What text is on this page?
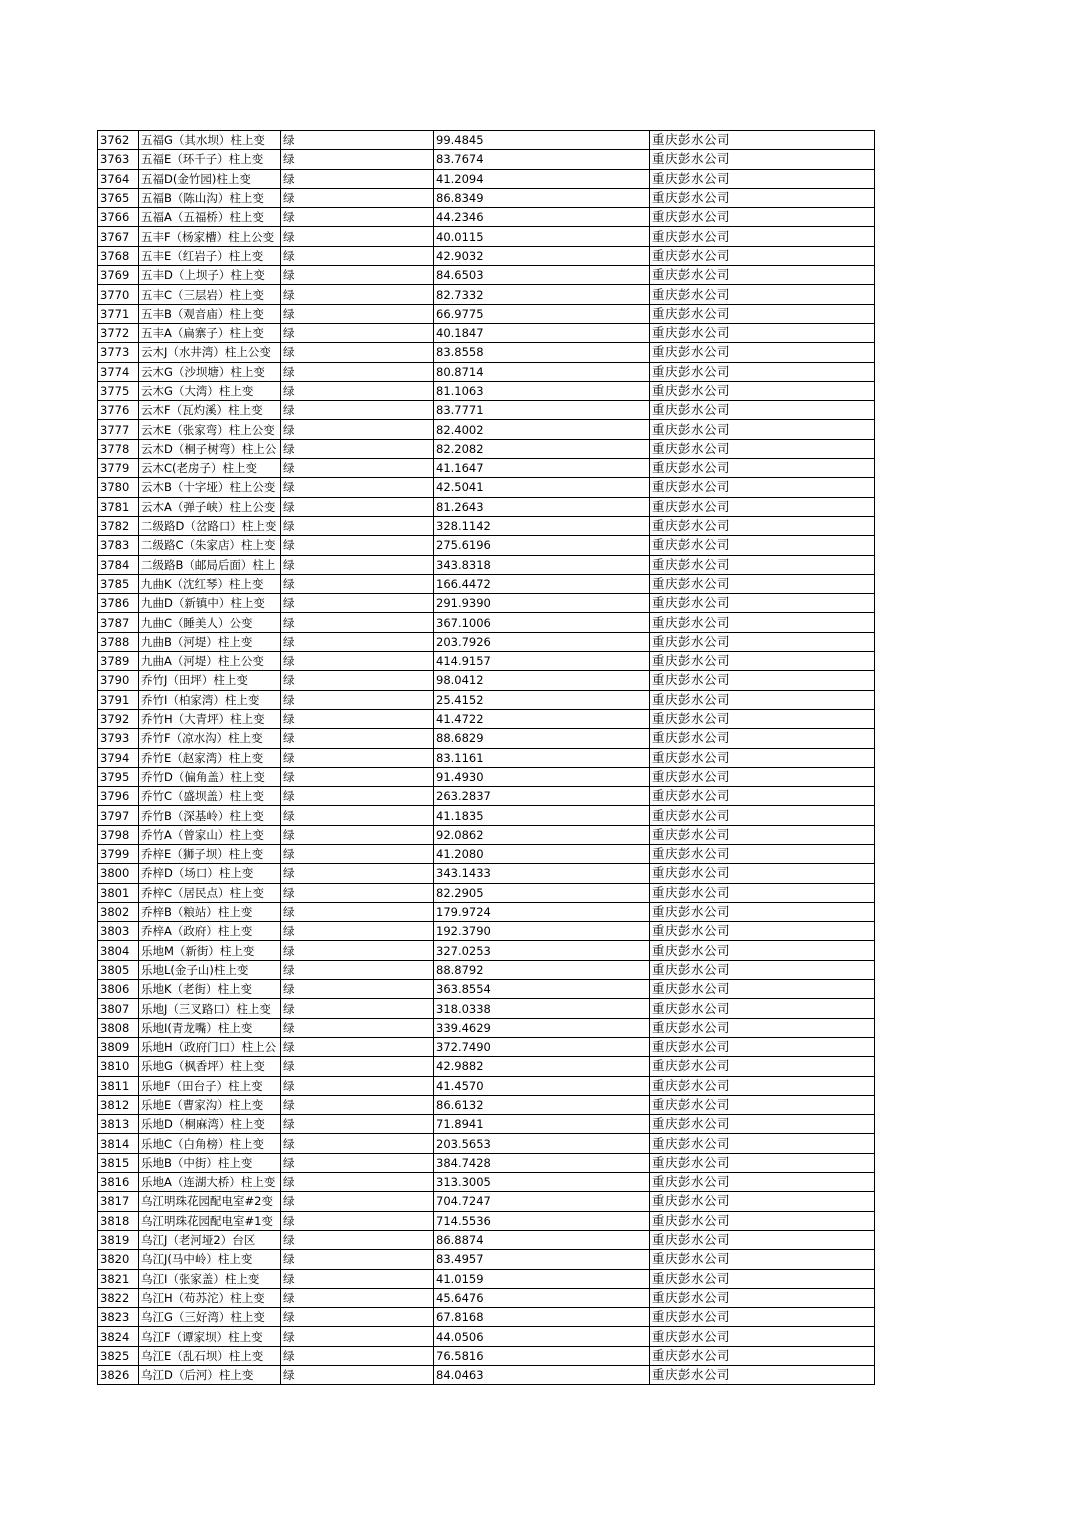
3762	五福G（其水坝）柱上变	绿	99.4845	重庆彭水公司
3763	五福E（环千子）柱上变	绿	83.7674	重庆彭水公司
3764	五福D(金竹园)柱上变	绿	41.2094	重庆彭水公司
3765	五福B（陈山沟）柱上变	绿	86.8349	重庆彭水公司
3766	五福A（五福桥）柱上变	绿	44.2346	重庆彭水公司
3767	五丰F（杨家槽）柱上公变	绿	40.0115	重庆彭水公司
3768	五丰E（红岩子）柱上变	绿	42.9032	重庆彭水公司
3769	五丰D（上坝子）柱上变	绿	84.6503	重庆彭水公司
3770	五丰C（三层岩）柱上变	绿	82.7332	重庆彭水公司
3771	五丰B（观音庙）柱上变	绿	66.9775	重庆彭水公司
3772	五丰A（扁寨子）柱上变	绿	40.1847	重庆彭水公司
3773	云木J（水井湾）柱上公变	绿	83.8558	重庆彭水公司
3774	云木G（沙坝塘）柱上变	绿	80.8714	重庆彭水公司
3775	云木G（大湾）柱上变	绿	81.1063	重庆彭水公司
3776	云木F（瓦灼溪）柱上变	绿	83.7771	重庆彭水公司
3777	云木E（张家弯）柱上公变	绿	82.4002	重庆彭水公司
3778	云木D（桐子树弯）柱上公	绿	82.2082	重庆彭水公司
3779	云木C(老房子）柱上变	绿	41.1647	重庆彭水公司
3780	云木B（十字垭）柱上公变	绿	42.5041	重庆彭水公司
3781	云木A（弹子峡）柱上公变	绿	81.2643	重庆彭水公司
3782	二级路D（岔路口）柱上变	绿	328.1142	重庆彭水公司
3783	二级路C（朱家店）柱上变	绿	275.6196	重庆彭水公司
3784	二级路B（邮局后面）柱上	绿	343.8318	重庆彭水公司
3785	九曲K（沈红琴）柱上变	绿	166.4472	重庆彭水公司
3786	九曲D（新镇中）柱上变	绿	291.9390	重庆彭水公司
3787	九曲C（睡美人）公变	绿	367.1006	重庆彭水公司
3788	九曲B（河堤）柱上变	绿	203.7926	重庆彭水公司
3789	九曲A（河堤）柱上公变	绿	414.9157	重庆彭水公司
3790	乔竹J（田坪）柱上变	绿	98.0412	重庆彭水公司
3791	乔竹I（柏家湾）柱上变	绿	25.4152	重庆彭水公司
3792	乔竹H（大青坪）柱上变	绿	41.4722	重庆彭水公司
3793	乔竹F（凉水沟）柱上变	绿	88.6829	重庆彭水公司
3794	乔竹E（赵家湾）柱上变	绿	83.1161	重庆彭水公司
3795	乔竹D（偏角盖）柱上变	绿	91.4930	重庆彭水公司
3796	乔竹C（盛坝盖）柱上变	绿	263.2837	重庆彭水公司
3797	乔竹B（深基岭）柱上变	绿	41.1835	重庆彭水公司
3798	乔竹A（曾家山）柱上变	绿	92.0862	重庆彭水公司
3799	乔梓E（狮子坝）柱上变	绿	41.2080	重庆彭水公司
3800	乔梓D（场口）柱上变	绿	343.1433	重庆彭水公司
3801	乔梓C（居民点）柱上变	绿	82.2905	重庆彭水公司
3802	乔梓B（粮站）柱上变	绿	179.9724	重庆彭水公司
3803	乔梓A（政府）柱上变	绿	192.3790	重庆彭水公司
3804	乐地M（新街）柱上变	绿	327.0253	重庆彭水公司
3805	乐地L(金子山)柱上变	绿	88.8792	重庆彭水公司
3806	乐地K（老街）柱上变	绿	363.8554	重庆彭水公司
3807	乐地J（三叉路口）柱上变	绿	318.0338	重庆彭水公司
3808	乐地I(青龙嘴）柱上变	绿	339.4629	重庆彭水公司
3809	乐地H（政府门口）柱上公	绿	372.7490	重庆彭水公司
3810	乐地G（枫香坪）柱上变	绿	42.9882	重庆彭水公司
3811	乐地F（田台子）柱上变	绿	41.4570	重庆彭水公司
3812	乐地E（曹家沟）柱上变	绿	86.6132	重庆彭水公司
3813	乐地D（桐麻湾）柱上变	绿	71.8941	重庆彭水公司
3814	乐地C（白角榜）柱上变	绿	203.5653	重庆彭水公司
3815	乐地B（中街）柱上变	绿	384.7428	重庆彭水公司
3816	乐地A（连湖大桥）柱上变	绿	313.3005	重庆彭水公司
3817	乌江明珠花园配电室#2变	绿	704.7247	重庆彭水公司
3818	乌江明珠花园配电室#1变	绿	714.5536	重庆彭水公司
3819	乌江J（老河垭2）台区	绿	86.8874	重庆彭水公司
3820	乌江J(马中岭）柱上变	绿	83.4957	重庆彭水公司
3821	乌江I（张家盖）柱上变	绿	41.0159	重庆彭水公司
3822	乌江H（苟苏沱）柱上变	绿	45.6476	重庆彭水公司
3823	乌江G（三好湾）柱上变	绿	67.8168	重庆彭水公司
3824	乌江F（谭家坝）柱上变	绿	44.0506	重庆彭水公司
3825	乌江E（乱石坝）柱上变	绿	76.5816	重庆彭水公司
3826	乌江D（后河）柱上变	绿	84.0463	重庆彭水公司
